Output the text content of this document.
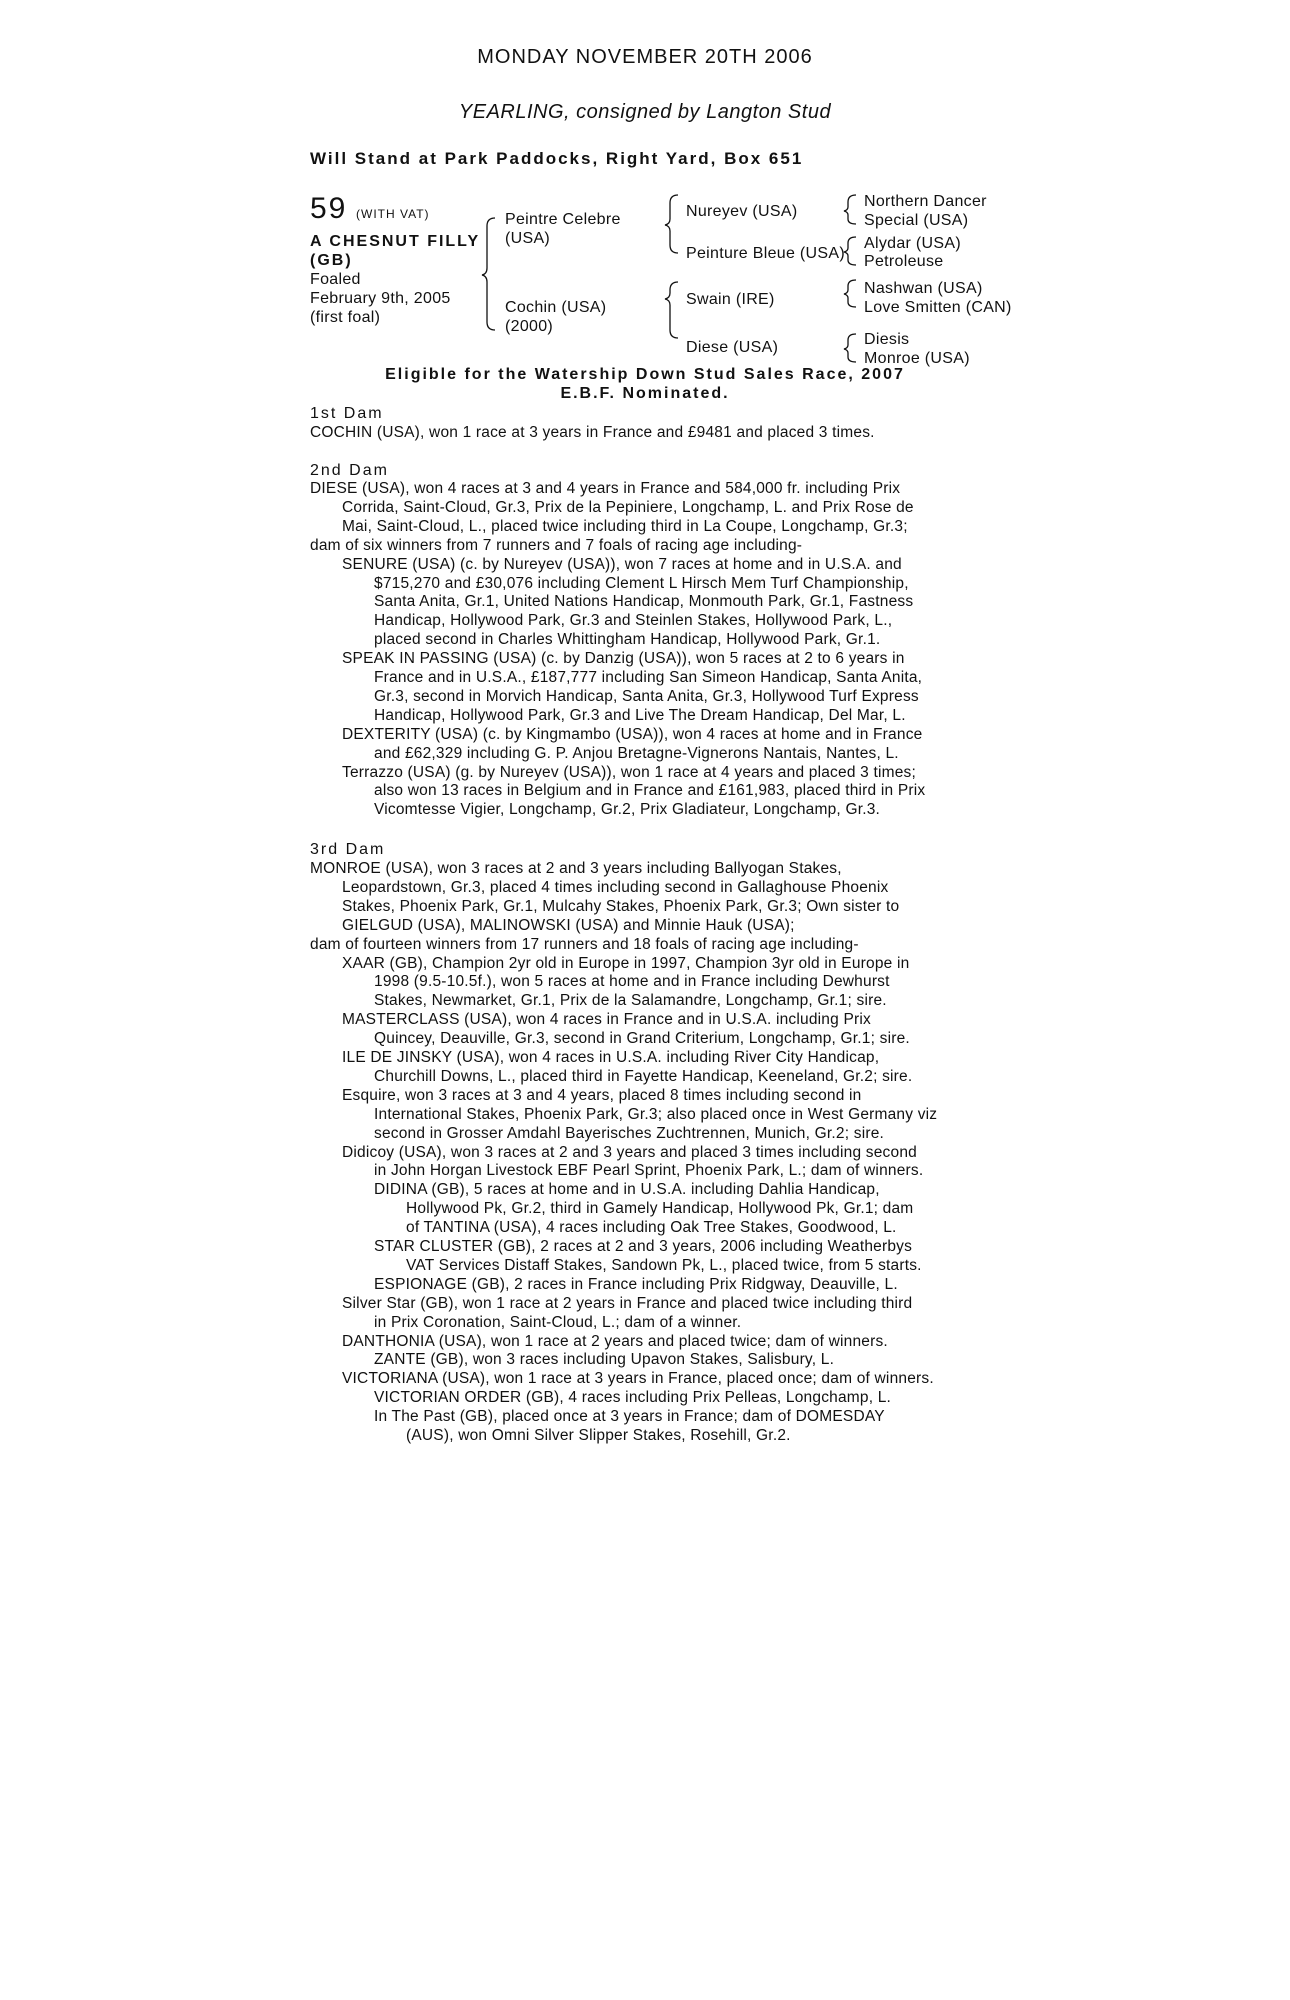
MONDAY NOVEMBER 20TH 2006
YEARLING, consigned by Langton Stud
Will Stand at Park Paddocks, Right Yard, Box 651
59 (WITH VAT)
A CHESNUT FILLY
(GB)
Foaled
February 9th, 2005
(first foal)
Peintre Celebre
(USA)
Cochin (USA)
(2000)
Nureyev (USA)
Peinture Bleue (USA)
Swain (IRE)
Diese (USA)
Northern Dancer
Special (USA)
Alydar (USA)
Petroleuse
Nashwan (USA)
Love Smitten (CAN)
Diesis
Monroe (USA)
Eligible for the Watership Down Stud Sales Race, 2007
E.B.F. Nominated.
1st Dam
COCHIN (USA), won 1 race at 3 years in France and £9481 and placed 3 times.
2nd Dam
DIESE (USA), won 4 races at 3 and 4 years in France and 584,000 fr. including Prix
Corrida, Saint-Cloud, Gr.3, Prix de la Pepiniere, Longchamp, L. and Prix Rose de
Mai, Saint-Cloud, L., placed twice including third in La Coupe, Longchamp, Gr.3;
dam of six winners from 7 runners and 7 foals of racing age including-
SENURE (USA) (c. by Nureyev (USA)), won 7 races at home and in U.S.A. and
$715,270 and £30,076 including Clement L Hirsch Mem Turf Championship,
Santa Anita, Gr.1, United Nations Handicap, Monmouth Park, Gr.1, Fastness
Handicap, Hollywood Park, Gr.3 and Steinlen Stakes, Hollywood Park, L.,
placed second in Charles Whittingham Handicap, Hollywood Park, Gr.1.
SPEAK IN PASSING (USA) (c. by Danzig (USA)), won 5 races at 2 to 6 years in
France and in U.S.A., £187,777 including San Simeon Handicap, Santa Anita,
Gr.3, second in Morvich Handicap, Santa Anita, Gr.3, Hollywood Turf Express
Handicap, Hollywood Park, Gr.3 and Live The Dream Handicap, Del Mar, L.
DEXTERITY (USA) (c. by Kingmambo (USA)), won 4 races at home and in France
and £62,329 including G. P. Anjou Bretagne-Vignerons Nantais, Nantes, L.
Terrazzo (USA) (g. by Nureyev (USA)), won 1 race at 4 years and placed 3 times;
also won 13 races in Belgium and in France and £161,983, placed third in Prix
Vicomtesse Vigier, Longchamp, Gr.2, Prix Gladiateur, Longchamp, Gr.3.
3rd Dam
MONROE (USA), won 3 races at 2 and 3 years including Ballyogan Stakes,
Leopardstown, Gr.3, placed 4 times including second in Gallaghouse Phoenix
Stakes, Phoenix Park, Gr.1, Mulcahy Stakes, Phoenix Park, Gr.3; Own sister to
GIELGUD (USA), MALINOWSKI (USA) and Minnie Hauk (USA);
dam of fourteen winners from 17 runners and 18 foals of racing age including-
XAAR (GB), Champion 2yr old in Europe in 1997, Champion 3yr old in Europe in
1998 (9.5-10.5f.), won 5 races at home and in France including Dewhurst
Stakes, Newmarket, Gr.1, Prix de la Salamandre, Longchamp, Gr.1; sire.
MASTERCLASS (USA), won 4 races in France and in U.S.A. including Prix
Quincey, Deauville, Gr.3, second in Grand Criterium, Longchamp, Gr.1; sire.
ILE DE JINSKY (USA), won 4 races in U.S.A. including River City Handicap,
Churchill Downs, L., placed third in Fayette Handicap, Keeneland, Gr.2; sire.
Esquire, won 3 races at 3 and 4 years, placed 8 times including second in
International Stakes, Phoenix Park, Gr.3; also placed once in West Germany viz
second in Grosser Amdahl Bayerisches Zuchtrennen, Munich, Gr.2; sire.
Didicoy (USA), won 3 races at 2 and 3 years and placed 3 times including second
in John Horgan Livestock EBF Pearl Sprint, Phoenix Park, L.; dam of winners.
DIDINA (GB), 5 races at home and in U.S.A. including Dahlia Handicap,
Hollywood Pk, Gr.2, third in Gamely Handicap, Hollywood Pk, Gr.1; dam
of TANTINA (USA), 4 races including Oak Tree Stakes, Goodwood, L.
STAR CLUSTER (GB), 2 races at 2 and 3 years, 2006 including Weatherbys
VAT Services Distaff Stakes, Sandown Pk, L., placed twice, from 5 starts.
ESPIONAGE (GB), 2 races in France including Prix Ridgway, Deauville, L.
Silver Star (GB), won 1 race at 2 years in France and placed twice including third
in Prix Coronation, Saint-Cloud, L.; dam of a winner.
DANTHONIA (USA), won 1 race at 2 years and placed twice; dam of winners.
ZANTE (GB), won 3 races including Upavon Stakes, Salisbury, L.
VICTORIANA (USA), won 1 race at 3 years in France, placed once; dam of winners.
VICTORIAN ORDER (GB), 4 races including Prix Pelleas, Longchamp, L.
In The Past (GB), placed once at 3 years in France; dam of DOMESDAY
(AUS), won Omni Silver Slipper Stakes, Rosehill, Gr.2.
